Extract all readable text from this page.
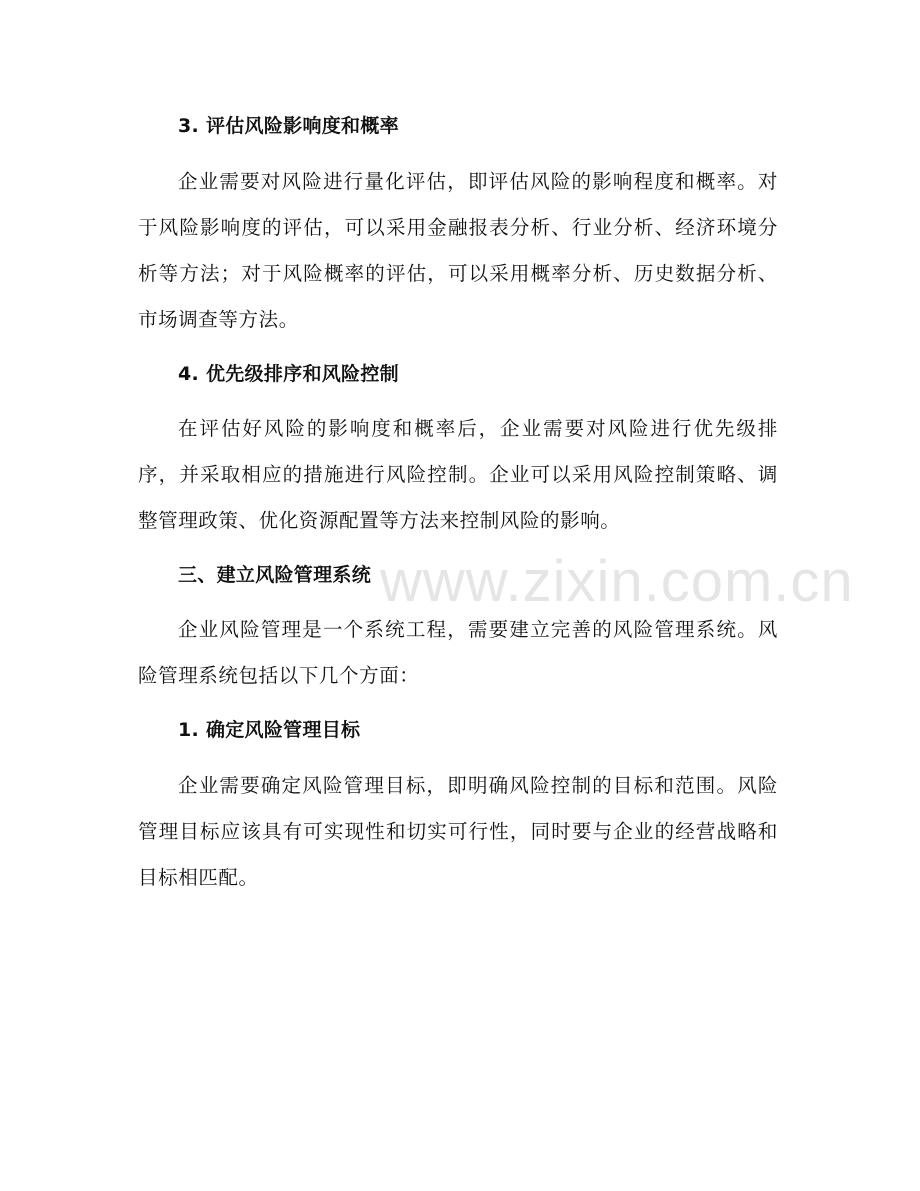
3. 评估风险影响度和概率
企业需要对风险进行量化评估，即评估风险的影响程度和概率。对于风险影响度的评估，可以采用金融报表分析、行业分析、经济环境分析等方法；对于风险概率的评估，可以采用概率分析、历史数据分析、市场调查等方法。
4. 优先级排序和风险控制
在评估好风险的影响度和概率后，企业需要对风险进行优先级排序，并采取相应的措施进行风险控制。企业可以采用风险控制策略、调整管理政策、优化资源配置等方法来控制风险的影响。
三、建立风险管理系统
企业风险管理是一个系统工程，需要建立完善的风险管理系统。风险管理系统包括以下几个方面：
1. 确定风险管理目标
企业需要确定风险管理目标，即明确风险控制的目标和范围。风险管理目标应该具有可实现性和切实可行性，同时要与企业的经营战略和目标相匹配。
www.zixin.com.cn
